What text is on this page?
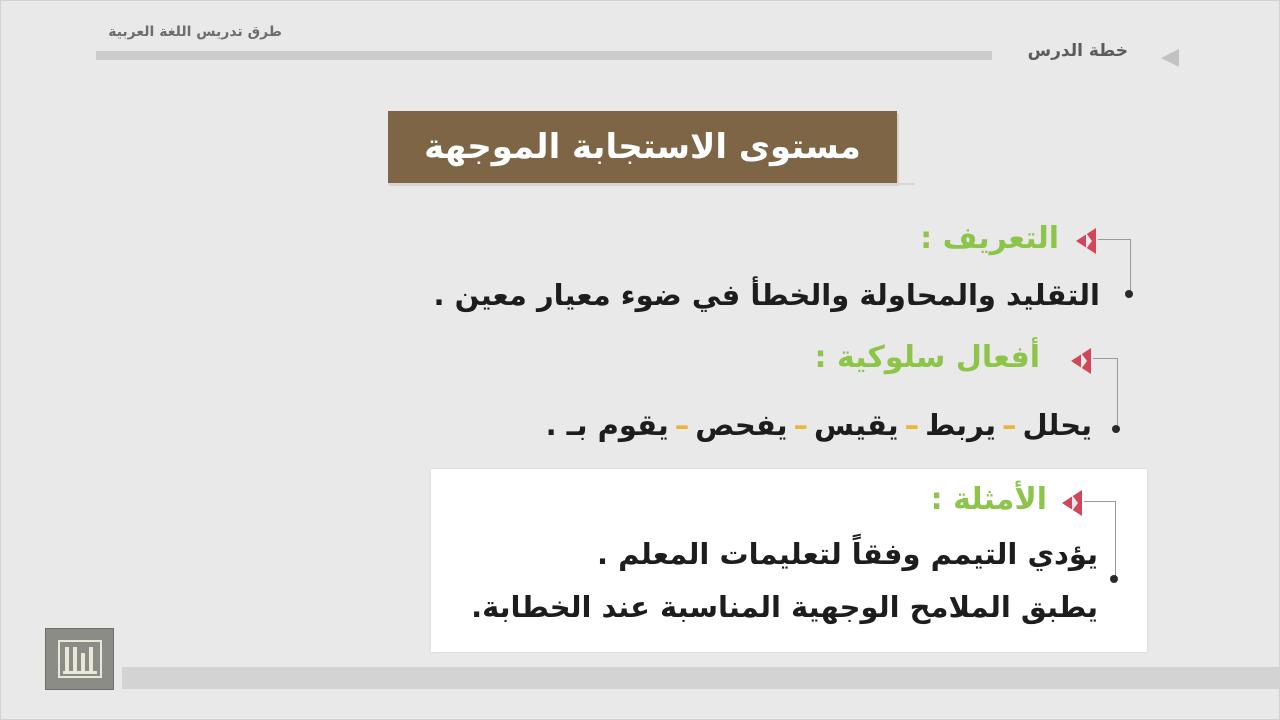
طرق تدريس اللغة العربية
خطة الدرس
مستوى الاستجابة الموجهة
التعريف :
التقليد والمحاولة والخطأ في ضوء معيار معين .
أفعال سلوكية :
يحلل–يربط–يقيس–يفحص–يقوم بـ .
الأمثلة :
يؤدي التيمم وفقاً لتعليمات المعلم .
يطبق الملامح الوجهية المناسبة عند الخطابة.
